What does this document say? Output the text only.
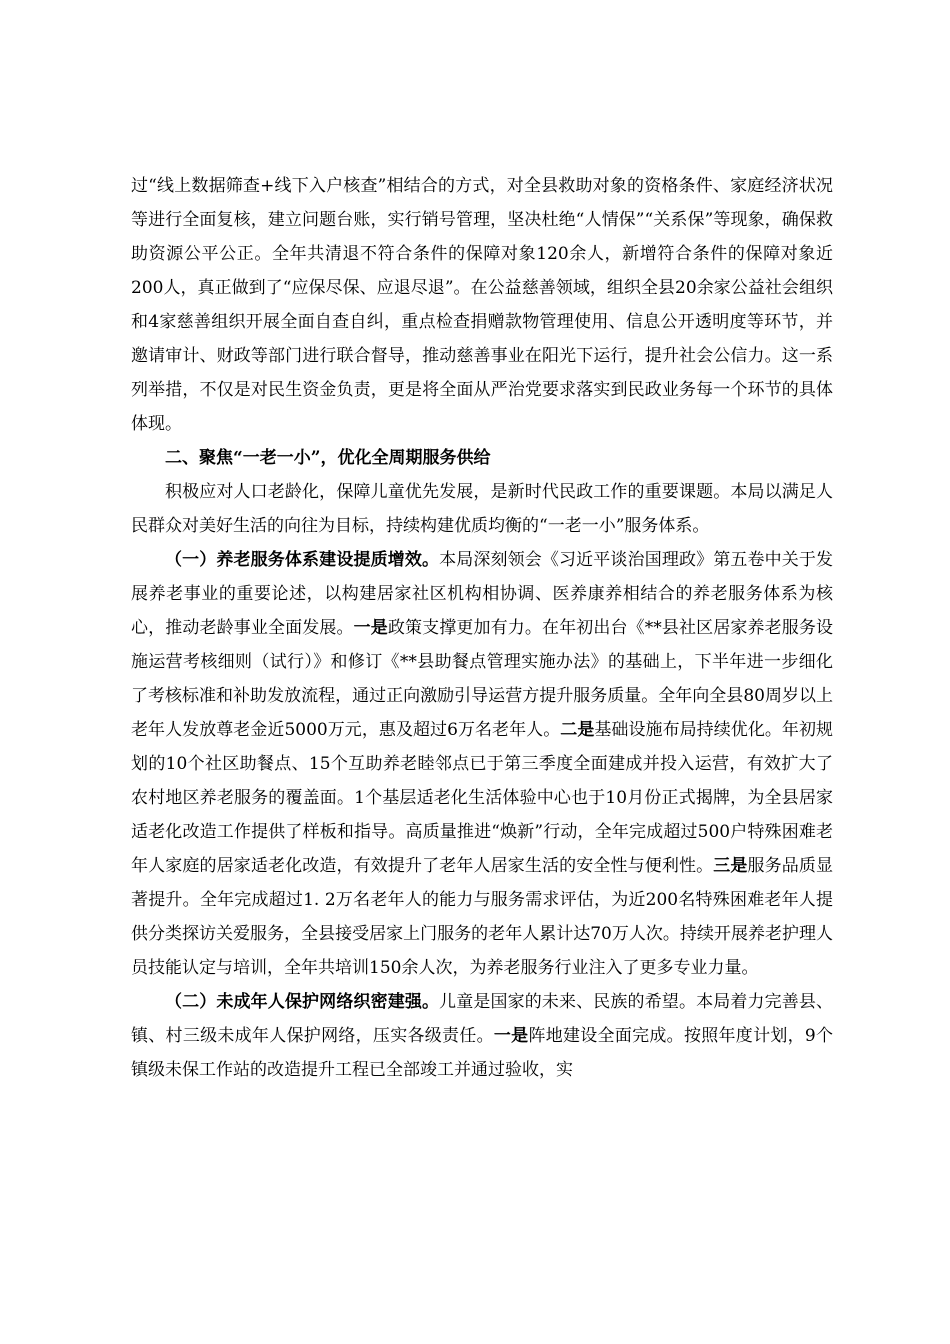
过“线上数据筛查+线下入户核查”相结合的方式，对全县救助对象的资格条件、家庭经济状况等进行全面复核，建立问题台账，实行销号管理，坚决杜绝“人情保”“关系保”等现象，确保救助资源公平公正。全年共清退不符合条件的保障对象120余人，新增符合条件的保障对象近200人，真正做到了“应保尽保、应退尽退”。在公益慈善领域，组织全县20余家公益社会组织和4家慈善组织开展全面自查自纠，重点检查捐赠款物管理使用、信息公开透明度等环节，并邀请审计、财政等部门进行联合督导，推动慈善事业在阳光下运行，提升社会公信力。这一系列举措，不仅是对民生资金负责，更是将全面从严治党要求落实到民政业务每一个环节的具体体现。

二、聚焦“一老一小”，优化全周期服务供给

积极应对人口老龄化，保障儿童优先发展，是新时代民政工作的重要课题。本局以满足人民群众对美好生活的向往为目标，持续构建优质均衡的“一老一小”服务体系。

（一）养老服务体系建设提质增效。本局深刻领会《习近平谈治国理政》第五卷中关于发展养老事业的重要论述，以构建居家社区机构相协调、医养康养相结合的养老服务体系为核心，推动老龄事业全面发展。一是政策支撑更加有力。在年初出台《**县社区居家养老服务设施运营考核细则（试行）》和修订《**县助餐点管理实施办法》的基础上，下半年进一步细化了考核标准和补助发放流程，通过正向激励引导运营方提升服务质量。全年向全县80周岁以上老年人发放尊老金近5000万元，惠及超过6万名老年人。二是基础设施布局持续优化。年初规划的10个社区助餐点、15个互助养老睦邻点已于第三季度全面建成并投入运营，有效扩大了农村地区养老服务的覆盖面。1个基层适老化生活体验中心也于10月份正式揭牌，为全县居家适老化改造工作提供了样板和指导。高质量推进“焕新”行动，全年完成超过500户特殊困难老年人家庭的居家适老化改造，有效提升了老年人居家生活的安全性与便利性。三是服务品质显著提升。全年完成超过1. 2万名老年人的能力与服务需求评估，为近200名特殊困难老年人提供分类探访关爱服务，全县接受居家上门服务的老年人累计达70万人次。持续开展养老护理人员技能认定与培训，全年共培训150余人次，为养老服务行业注入了更多专业力量。

（二）未成年人保护网络织密建强。儿童是国家的未来、民族的希望。本局着力完善县、镇、村三级未成年人保护网络，压实各级责任。一是阵地建设全面完成。按照年度计划，9个镇级未保工作站的改造提升工程已全部竣工并通过验收，实
